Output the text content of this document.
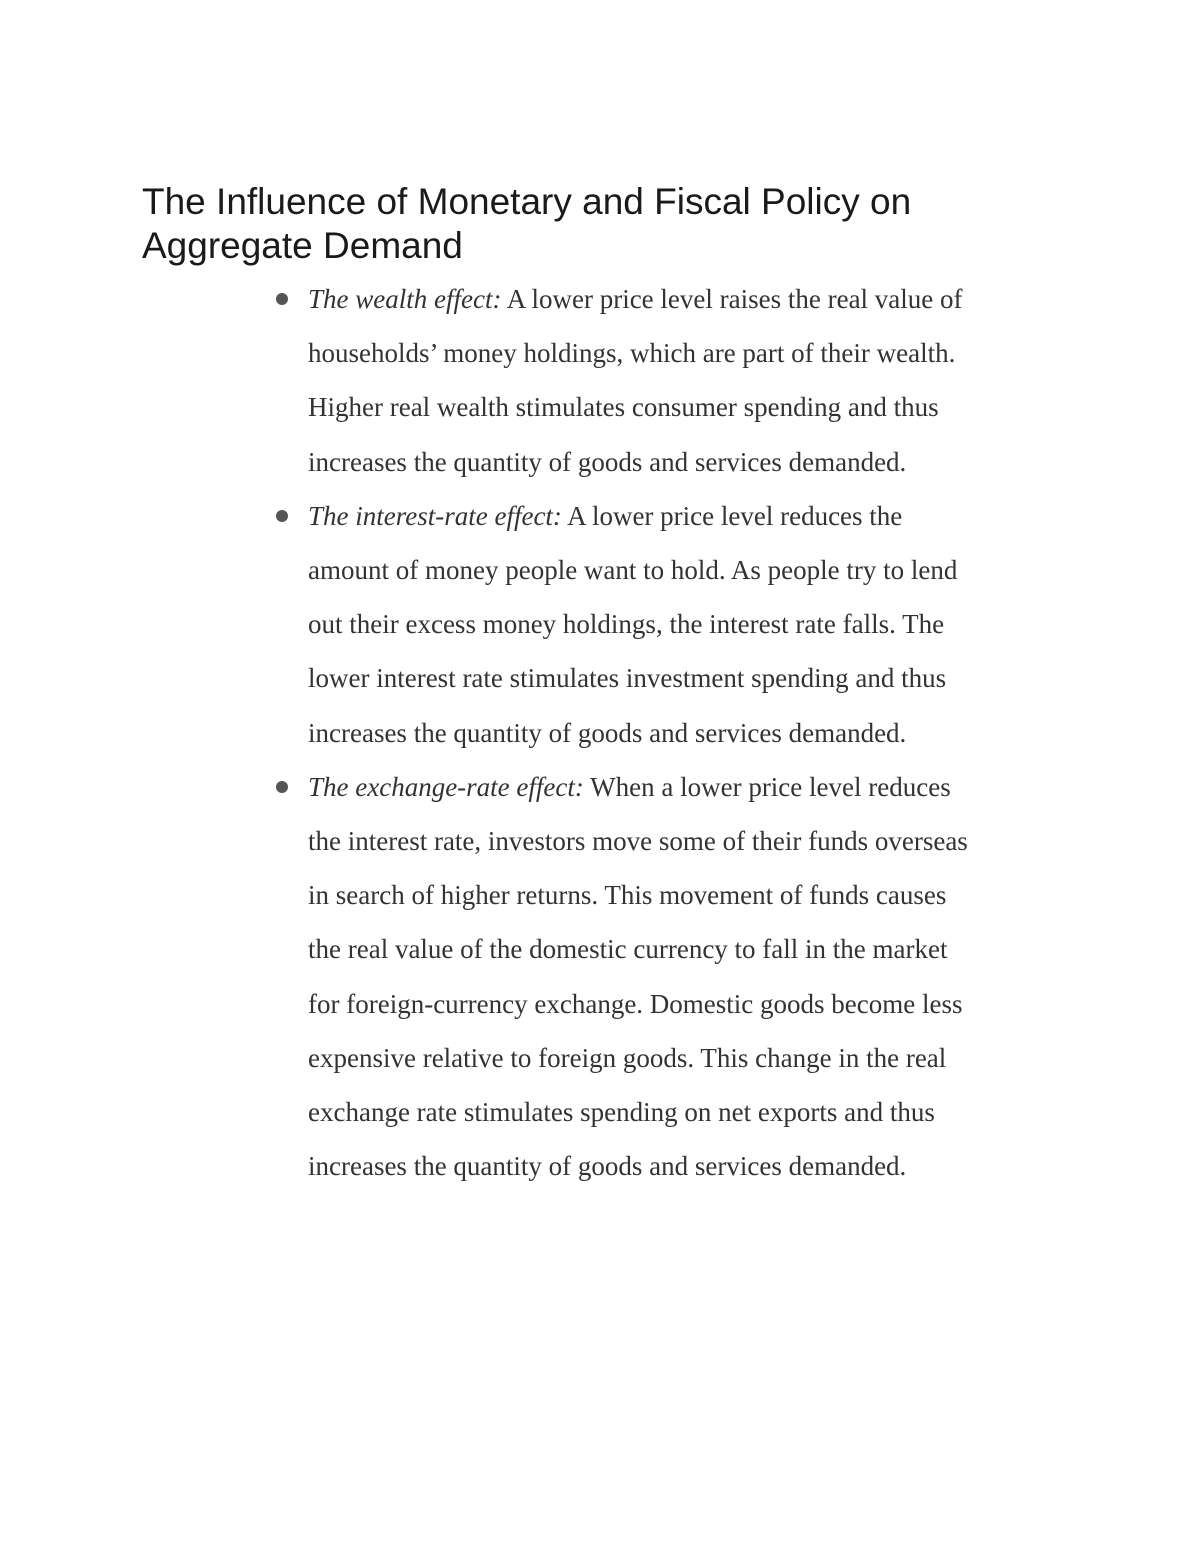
The Influence of Monetary and Fiscal Policy on Aggregate Demand
The wealth effect: A lower price level raises the real value of households’ money holdings, which are part of their wealth. Higher real wealth stimulates consumer spending and thus increases the quantity of goods and services demanded.
The interest-rate effect: A lower price level reduces the amount of money people want to hold. As people try to lend out their excess money holdings, the interest rate falls. The lower interest rate stimulates investment spending and thus increases the quantity of goods and services demanded.
The exchange-rate effect: When a lower price level reduces the interest rate, investors move some of their funds overseas in search of higher returns. This movement of funds causes the real value of the domestic currency to fall in the market for foreign-currency exchange. Domestic goods become less expensive relative to foreign goods. This change in the real exchange rate stimulates spending on net exports and thus increases the quantity of goods and services demanded.
